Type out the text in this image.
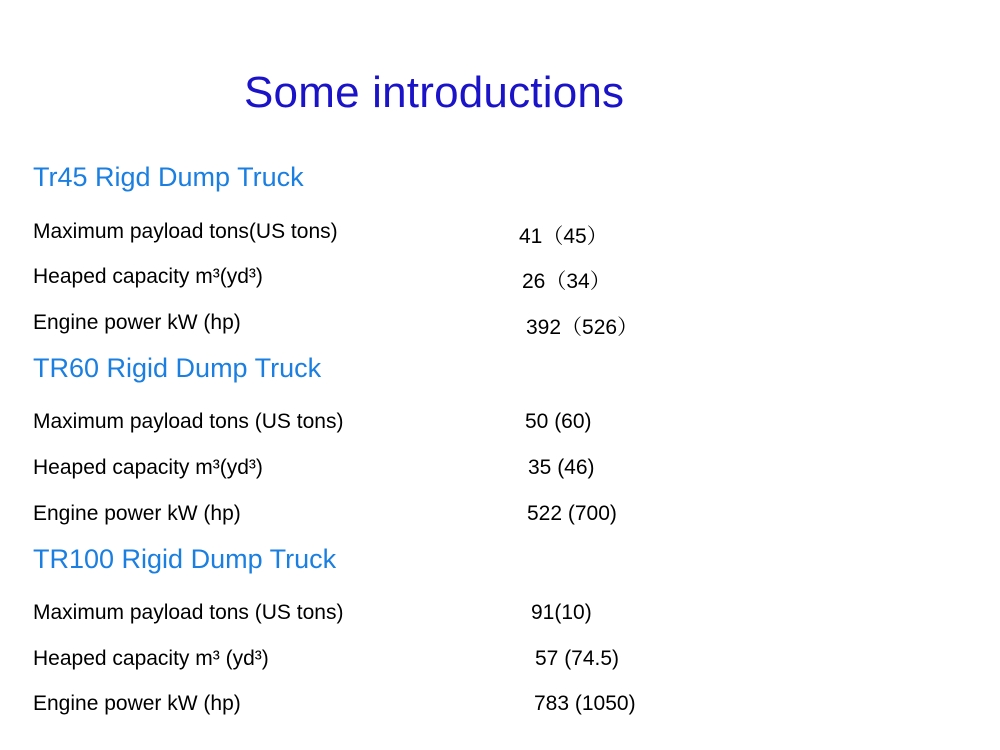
Some introductions
Tr45 Rigd Dump Truck
Maximum payload tons(US tons)	41（45）
Heaped capacity m³(yd³)	26（34）
Engine power kW (hp)	392（526）
TR60 Rigid Dump Truck
Maximum payload tons (US tons)	50 (60)
Heaped capacity m³(yd³)	35 (46)
Engine power kW (hp)	522 (700)
TR100 Rigid Dump Truck
Maximum payload tons (US tons)	91(10)
Heaped capacity m³ (yd³)	57 (74.5)
Engine power kW (hp)	783 (1050)
